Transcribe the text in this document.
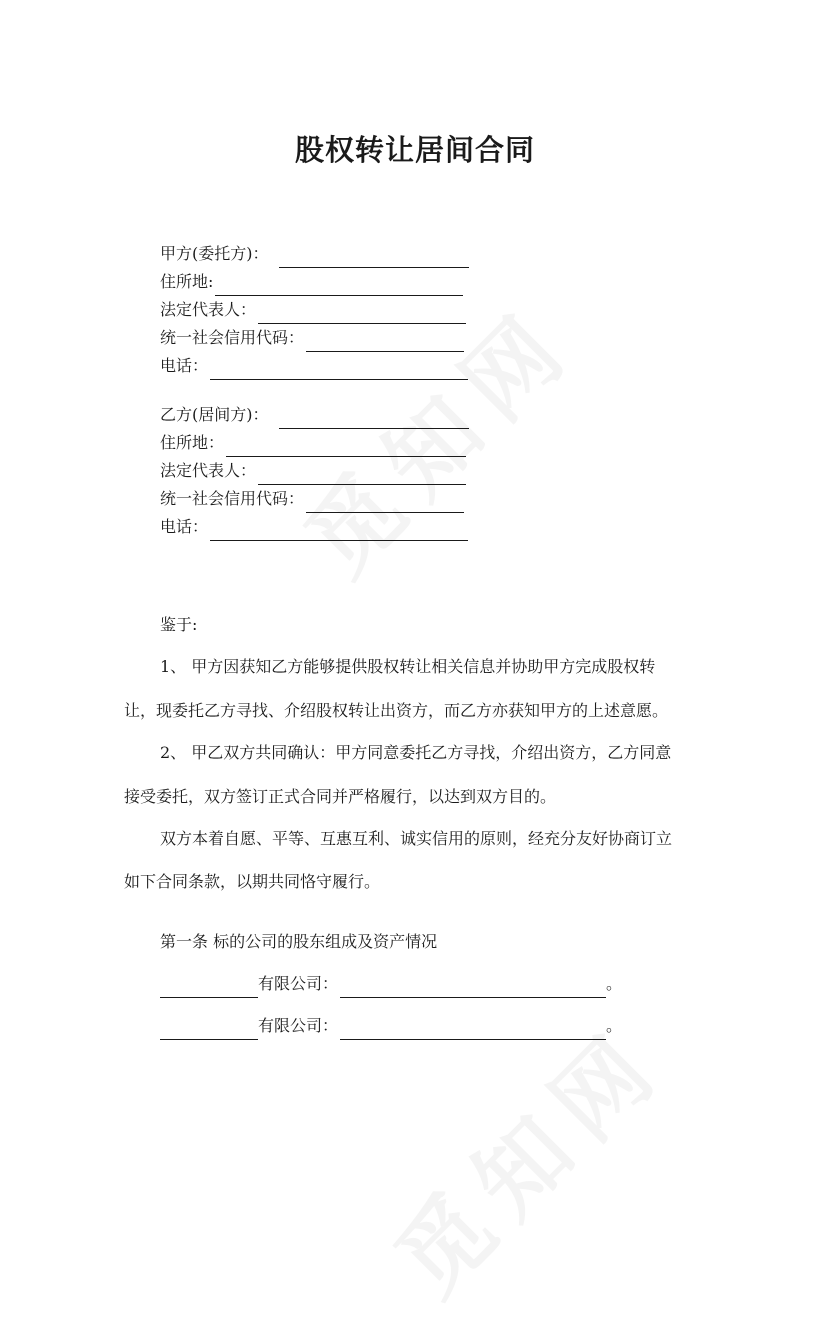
股权转让居间合同
甲方(委托方)：
住所地:
法定代表人：
统一社会信用代码：
电话：
乙方(居间方)：
住所地：
法定代表人：
统一社会信用代码：
电话：
鉴于:
1、 甲方因获知乙方能够提供股权转让相关信息并协助甲方完成股权转
让，现委托乙方寻找、介绍股权转让出资方，而乙方亦获知甲方的上述意愿。
2、 甲乙双方共同确认：甲方同意委托乙方寻找，介绍出资方，乙方同意
接受委托，双方签订正式合同并严格履行，以达到双方目的。
双方本着自愿、平等、互惠互利、诚实信用的原则，经充分友好协商订立
如下合同条款，以期共同恪守履行。
第一条 标的公司的股东组成及资产情况
有限公司：	。
有限公司：	。
